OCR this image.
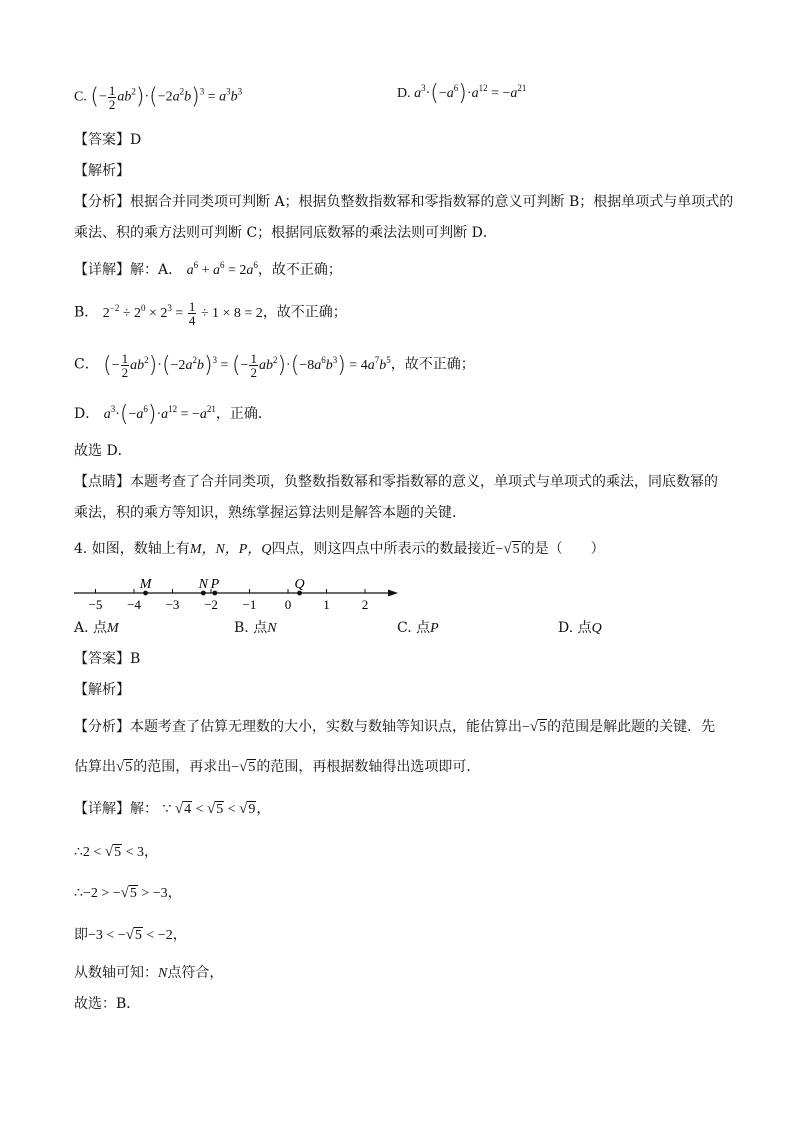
C. (− $\frac{1}{2} ab^2)\cdot(-2a^2b)^3 = a^3b^3$	D. $a^3\cdot(-a^6)\cdot a^{12} = -a^{21}$
【答案】D
【解析】
【分析】根据合并同类项可判断 A；根据负整数指数幂和零指数幂的意义可判断 B；根据单项式与单项式的
乘法、积的乘方法则可判断 C；根据同底数幂的乘法法则可判断 D．
【详解】解：A． $a^6 + a^6 = 2a^6$，故不正确；
B． $2^{-2} \div 2^0 \times 2^3 = \frac{1}{4} \div 1 \times 8 = 2$，故不正确；
C． (− $\frac{1}{2} ab^2)\cdot(-2a^2b)^3$ = (− $\frac{1}{2} ab^2)\cdot(-8a^6b^3) = 4a^7b^5$，故不正确；
D． $a^3\cdot(-a^6)\cdot a^{12} = -a^{21}$，正确．
故选 D．
【点睛】本题考查了合并同类项，负整数指数幂和零指数幂的意义，单项式与单项式的乘法，同底数幂的
乘法，积的乘方等知识，熟练掌握运算法则是解答本题的关键．
4. 如图，数轴上有M，N，P，Q四点，则这四点中所表示的数最接近−√5的是（　　）
−5 −4 −3 −2 −1 0 1 2
M	N P	Q
A. 点M	B. 点N	C. 点P	D. 点Q
【答案】B
【解析】
【分析】本题考查了估算无理数的大小，实数与数轴等知识点，能估算出−√5的范围是解此题的关键．先
估算出√5的范围，再求出−√5的范围，再根据数轴得出选项即可．
【详解】解： ∵ √4 < √5 < √9，
∴2 < √5 < 3，
∴−2 > −√5 > −3，
即−3 < −√5 < −2，
从数轴可知：N点符合，
故选：B．
